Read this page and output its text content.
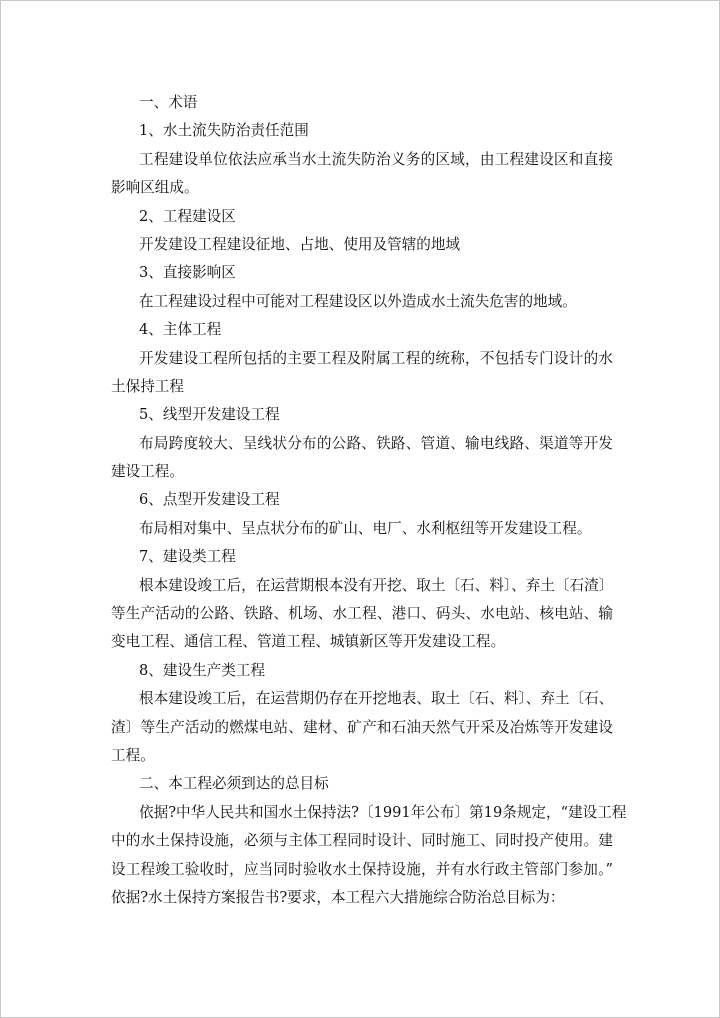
一、术语
1、水土流失防治责任范围
工程建设单位依法应承当水土流失防治义务的区域，由工程建设区和直接
影响区组成。
2、工程建设区
开发建设工程建设征地、占地、使用及管辖的地域
3、直接影响区
在工程建设过程中可能对工程建设区以外造成水土流失危害的地域。
4、主体工程
开发建设工程所包括的主要工程及附属工程的统称，不包括专门设计的水
土保持工程
5、线型开发建设工程
布局跨度较大、呈线状分布的公路、铁路、管道、输电线路、渠道等开发
建设工程。
6、点型开发建设工程
布局相对集中、呈点状分布的矿山、电厂、水利枢纽等开发建设工程。
7、建设类工程
根本建设竣工后，在运营期根本没有开挖、取土〔石、料〕、弃土〔石渣〕
等生产活动的公路、铁路、机场、水工程、港口、码头、水电站、核电站、输
变电工程、通信工程、管道工程、城镇新区等开发建设工程。
8、建设生产类工程
根本建设竣工后，在运营期仍存在开挖地表、取土〔石、料〕、弃土〔石、
渣〕等生产活动的燃煤电站、建材、矿产和石油天然气开采及冶炼等开发建设
工程。
二、本工程必须到达的总目标
依据?中华人民共和国水土保持法?〔1991年公布〕第19条规定，“建设工程
中的水土保持设施，必须与主体工程同时设计、同时施工、同时投产使用。建
设工程竣工验收时，应当同时验收水土保持设施，并有水行政主管部门参加。”
依据?水土保持方案报告书?要求，本工程六大措施综合防治总目标为：
